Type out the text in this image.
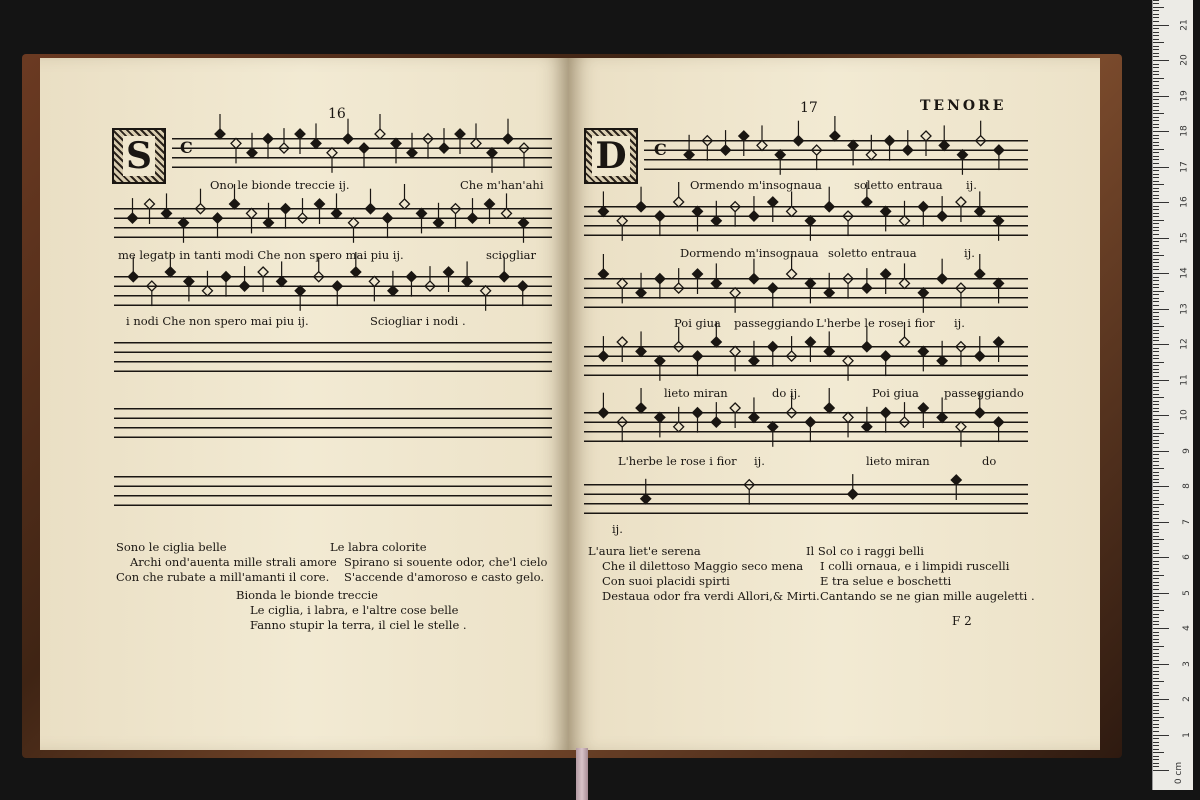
16
S C
Ono le bionde treccie ij.	Che m'han'ahi
me legato in tanti modi Che non spero mai piu ij.	sciogliar
i nodi Che non spero mai piu ij.	Sciogliar i nodi .
Sono le ciglia belle
Archi ond'auenta mille strali amore
Con che rubate a mill'amanti il core.
Le labra colorite
Spirano si souente odor, che'l cielo
S'accende d'amoroso e casto gelo.
Bionda le bionde treccie
Le ciglia, i labra, e l'altre cose belle
Fanno stupir la terra, il ciel le stelle .
17	TENORE
D C
Ormendo m'insognaua	soletto entraua ij.
Dormendo m'insognaua soletto entraua	ij.
Poi giua passeggiando L'herbe le rose i fior ij.
lieto miran	do ij.	Poi giua passeggiando
L'herbe le rose i fior ij.	lieto miran	do
ij.
L'aura liet'e serena
Che il dilettoso Maggio seco mena
Con suoi placidi spirti
Destaua odor fra verdi Allori,& Mirti.
Il Sol co i raggi belli
I colli ornaua, e i limpidi ruscelli
E tra selue e boschetti
Cantando se ne gian mille augeletti .
F 2
0 cm
1
2
3
4
5
6
7
8
9
10
11
12
13
14
15
16
17
18
19
20
21
